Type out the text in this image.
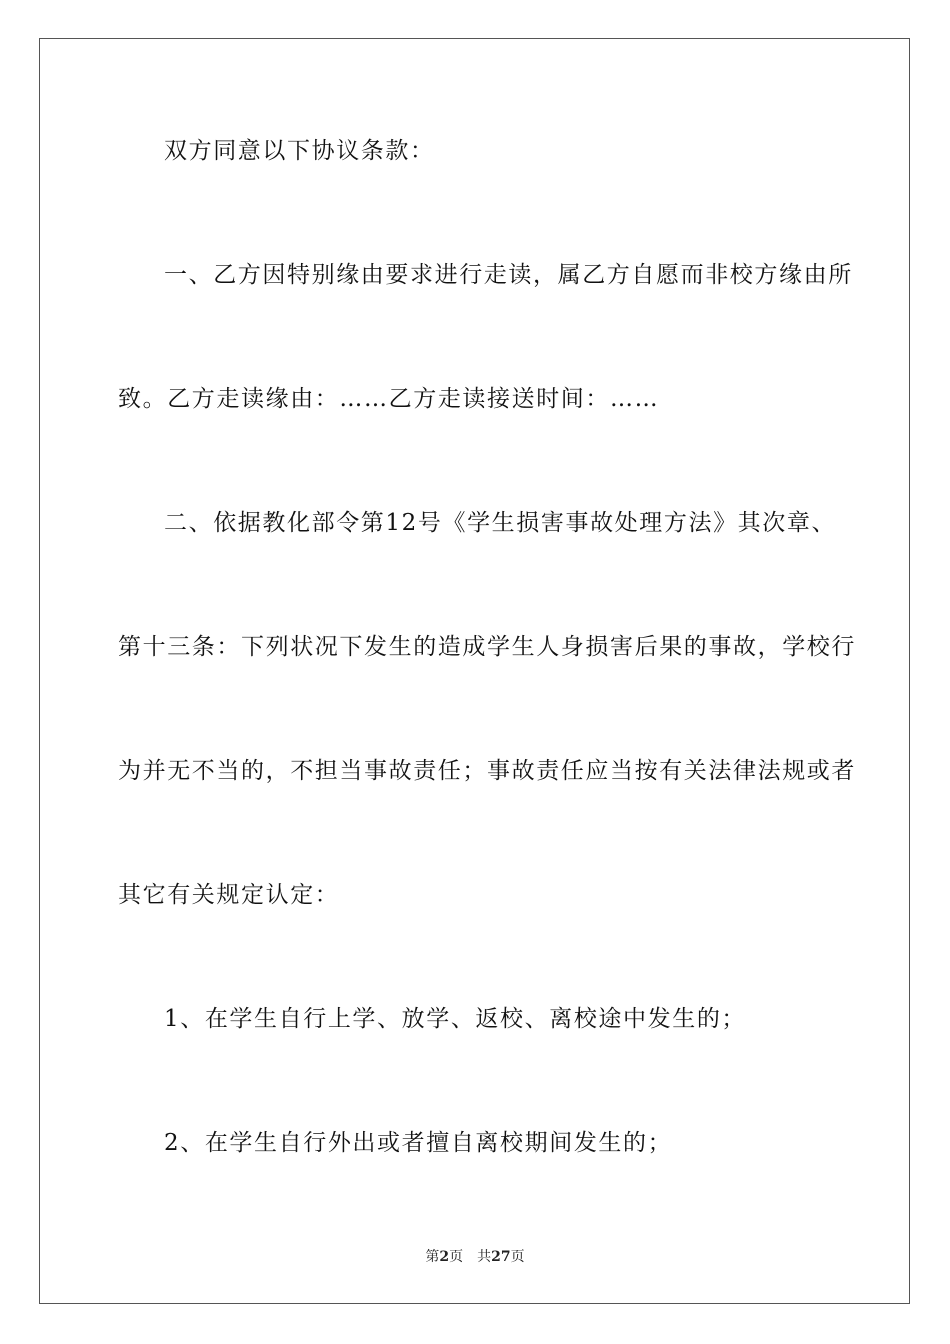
双方同意以下协议条款：
一、乙方因特别缘由要求进行走读，属乙方自愿而非校方缘由所
致。乙方走读缘由：……乙方走读接送时间：……
二、依据教化部令第12号《学生损害事故处理方法》其次章、
第十三条：下列状况下发生的造成学生人身损害后果的事故，学校行
为并无不当的，不担当事故责任；事故责任应当按有关法律法规或者
其它有关规定认定：
1、在学生自行上学、放学、返校、离校途中发生的；
2、在学生自行外出或者擅自离校期间发生的；
第2页 共27页
